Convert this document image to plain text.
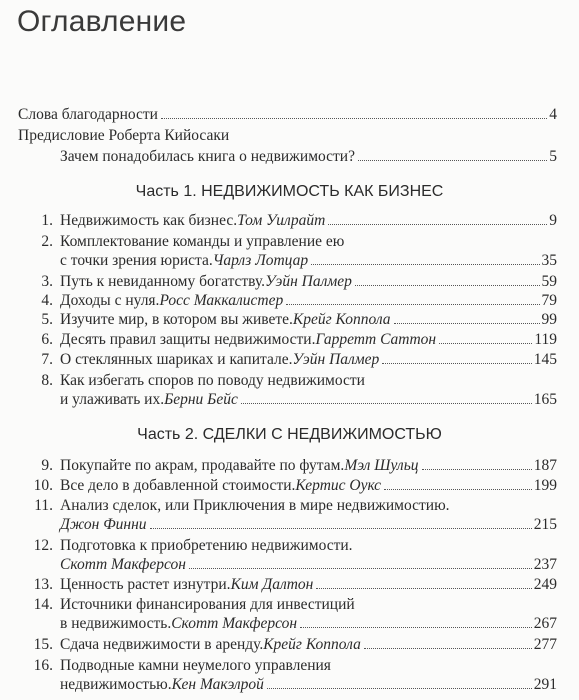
Оглавление
Слова благодарности	4
Предисловие Роберта Кийосаки
Зачем понадобилась книга о недвижимости?	5
Часть 1. НЕДВИЖИМОСТЬ КАК БИЗНЕС
1. Недвижимость как бизнес. Том Уилрайт	9
2. Комплектование команды и управление ею
с точки зрения юриста. Чарлз Лотцар	35
3. Путь к невиданному богатству. Уэйн Палмер	59
4. Доходы с нуля. Росс Маккалистер	79
5. Изучите мир, в котором вы живете. Крейг Коппола	99
6. Десять правил защиты недвижимости. Гарретт Саттон	119
7. О стеклянных шариках и капитале. Уэйн Палмер	145
8. Как избегать споров по поводу недвижимости
и улаживать их. Берни Бейс	165
Часть 2. СДЕЛКИ С НЕДВИЖИМОСТЬЮ
9. Покупайте по акрам, продавайте по футам. Мэл Шульц	187
10. Все дело в добавленной стоимости. Кертис Оукс	199
11. Анализ сделок, или Приключения в мире недвижимостию.
Джон Финни	215
12. Подготовка к приобретению недвижимости.
Скотт Макферсон	237
13. Ценность растет изнутри. Ким Далтон	249
14. Источники финансирования для инвестиций
в недвижимость. Скотт Макферсон	267
15. Сдача недвижимости в аренду. Крейг Коппола	277
16. Подводные камни неумелого управления
недвижимостью. Кен Макэлрой	291
